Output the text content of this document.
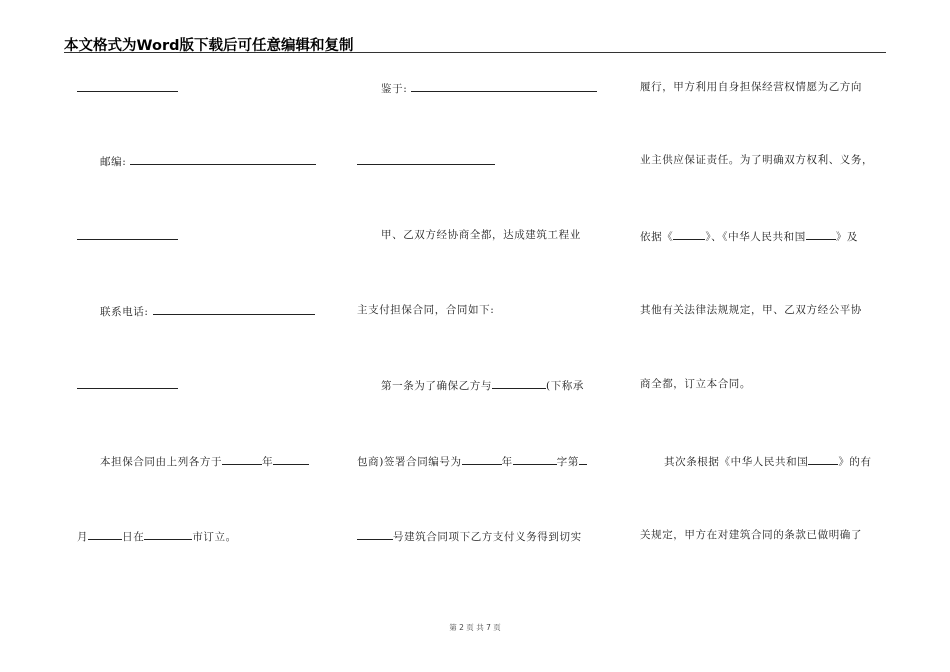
本文格式为Word版下载后可任意编辑和复制
邮编:
联系电话:
本担保合同由上列各方于	年
月	日在	市订立。
鉴于:
甲、乙双方经协商全都，达成建筑工程业
主支付担保合同，合同如下:
第一条为了确保乙方与	(下称承
包商)签署合同编号为	年	字第
号建筑合同项下乙方支付义务得到切实
履行，甲方利用自身担保经营权情愿为乙方向
业主供应保证责任。为了明确双方权利、义务，
依据《	》、《中华人民共和国	》及
其他有关法律法规规定，甲、乙双方经公平协
商全都，订立本合同。
其次条根据《中华人民共和国	》的有
关规定，甲方在对建筑合同的条款已做明确了
第 2 页 共 7 页
